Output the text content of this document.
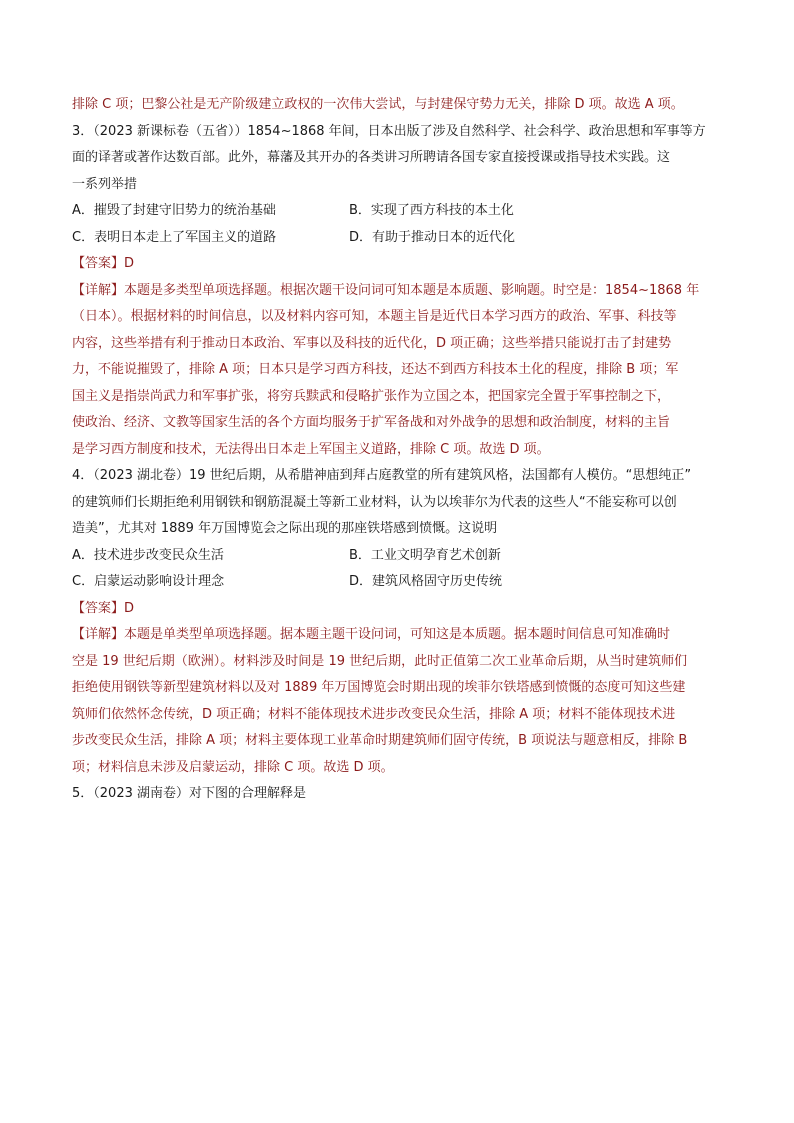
排除 C 项；巴黎公社是无产阶级建立政权的一次伟大尝试，与封建保守势力无关，排除 D 项。故选 A 项。
3．（2023 新课标卷（五省））1854~1868 年间，日本出版了涉及自然科学、社会科学、政治思想和军事等方
面的译著或著作达数百部。此外，幕藩及其开办的各类讲习所聘请各国专家直接授课或指导技术实践。这
一系列举措
A．摧毁了封建守旧势力的统治基础	B．实现了西方科技的本土化
C．表明日本走上了军国主义的道路	D．有助于推动日本的近代化
【答案】D
【详解】本题是多类型单项选择题。根据次题干设问词可知本题是本质题、影响题。时空是：1854~1868 年
（日本）。根据材料的时间信息，以及材料内容可知，本题主旨是近代日本学习西方的政治、军事、科技等
内容，这些举措有利于推动日本政治、军事以及科技的近代化，D 项正确；这些举措只能说打击了封建势
力，不能说摧毁了，排除 A 项；日本只是学习西方科技，还达不到西方科技本土化的程度，排除 B 项；军
国主义是指崇尚武力和军事扩张，将穷兵黩武和侵略扩张作为立国之本，把国家完全置于军事控制之下，
使政治、经济、文教等国家生活的各个方面均服务于扩军备战和对外战争的思想和政治制度，材料的主旨
是学习西方制度和技术，无法得出日本走上军国主义道路，排除 C 项。故选 D 项。
4．（2023 湖北卷）19 世纪后期，从希腊神庙到拜占庭教堂的所有建筑风格，法国都有人模仿。“思想纯正”
的建筑师们长期拒绝利用钢铁和钢筋混凝土等新工业材料，认为以埃菲尔为代表的这些人“不能妄称可以创
造美”，尤其对 1889 年万国博览会之际出现的那座铁塔感到愤慨。这说明
A．技术进步改变民众生活	B．工业文明孕育艺术创新
C．启蒙运动影响设计理念	D．建筑风格固守历史传统
【答案】D
【详解】本题是单类型单项选择题。据本题主题干设问词，可知这是本质题。据本题时间信息可知准确时
空是 19 世纪后期（欧洲）。材料涉及时间是 19 世纪后期，此时正值第二次工业革命后期，从当时建筑师们
拒绝使用钢铁等新型建筑材料以及对 1889 年万国博览会时期出现的埃菲尔铁塔感到愤慨的态度可知这些建
筑师们依然怀念传统，D 项正确；材料不能体现技术进步改变民众生活，排除 A 项；材料不能体现技术进
步改变民众生活，排除 A 项；材料主要体现工业革命时期建筑师们固守传统，B 项说法与题意相反，排除 B
项；材料信息未涉及启蒙运动，排除 C 项。故选 D 项。
5．（2023 湖南卷）对下图的合理解释是
